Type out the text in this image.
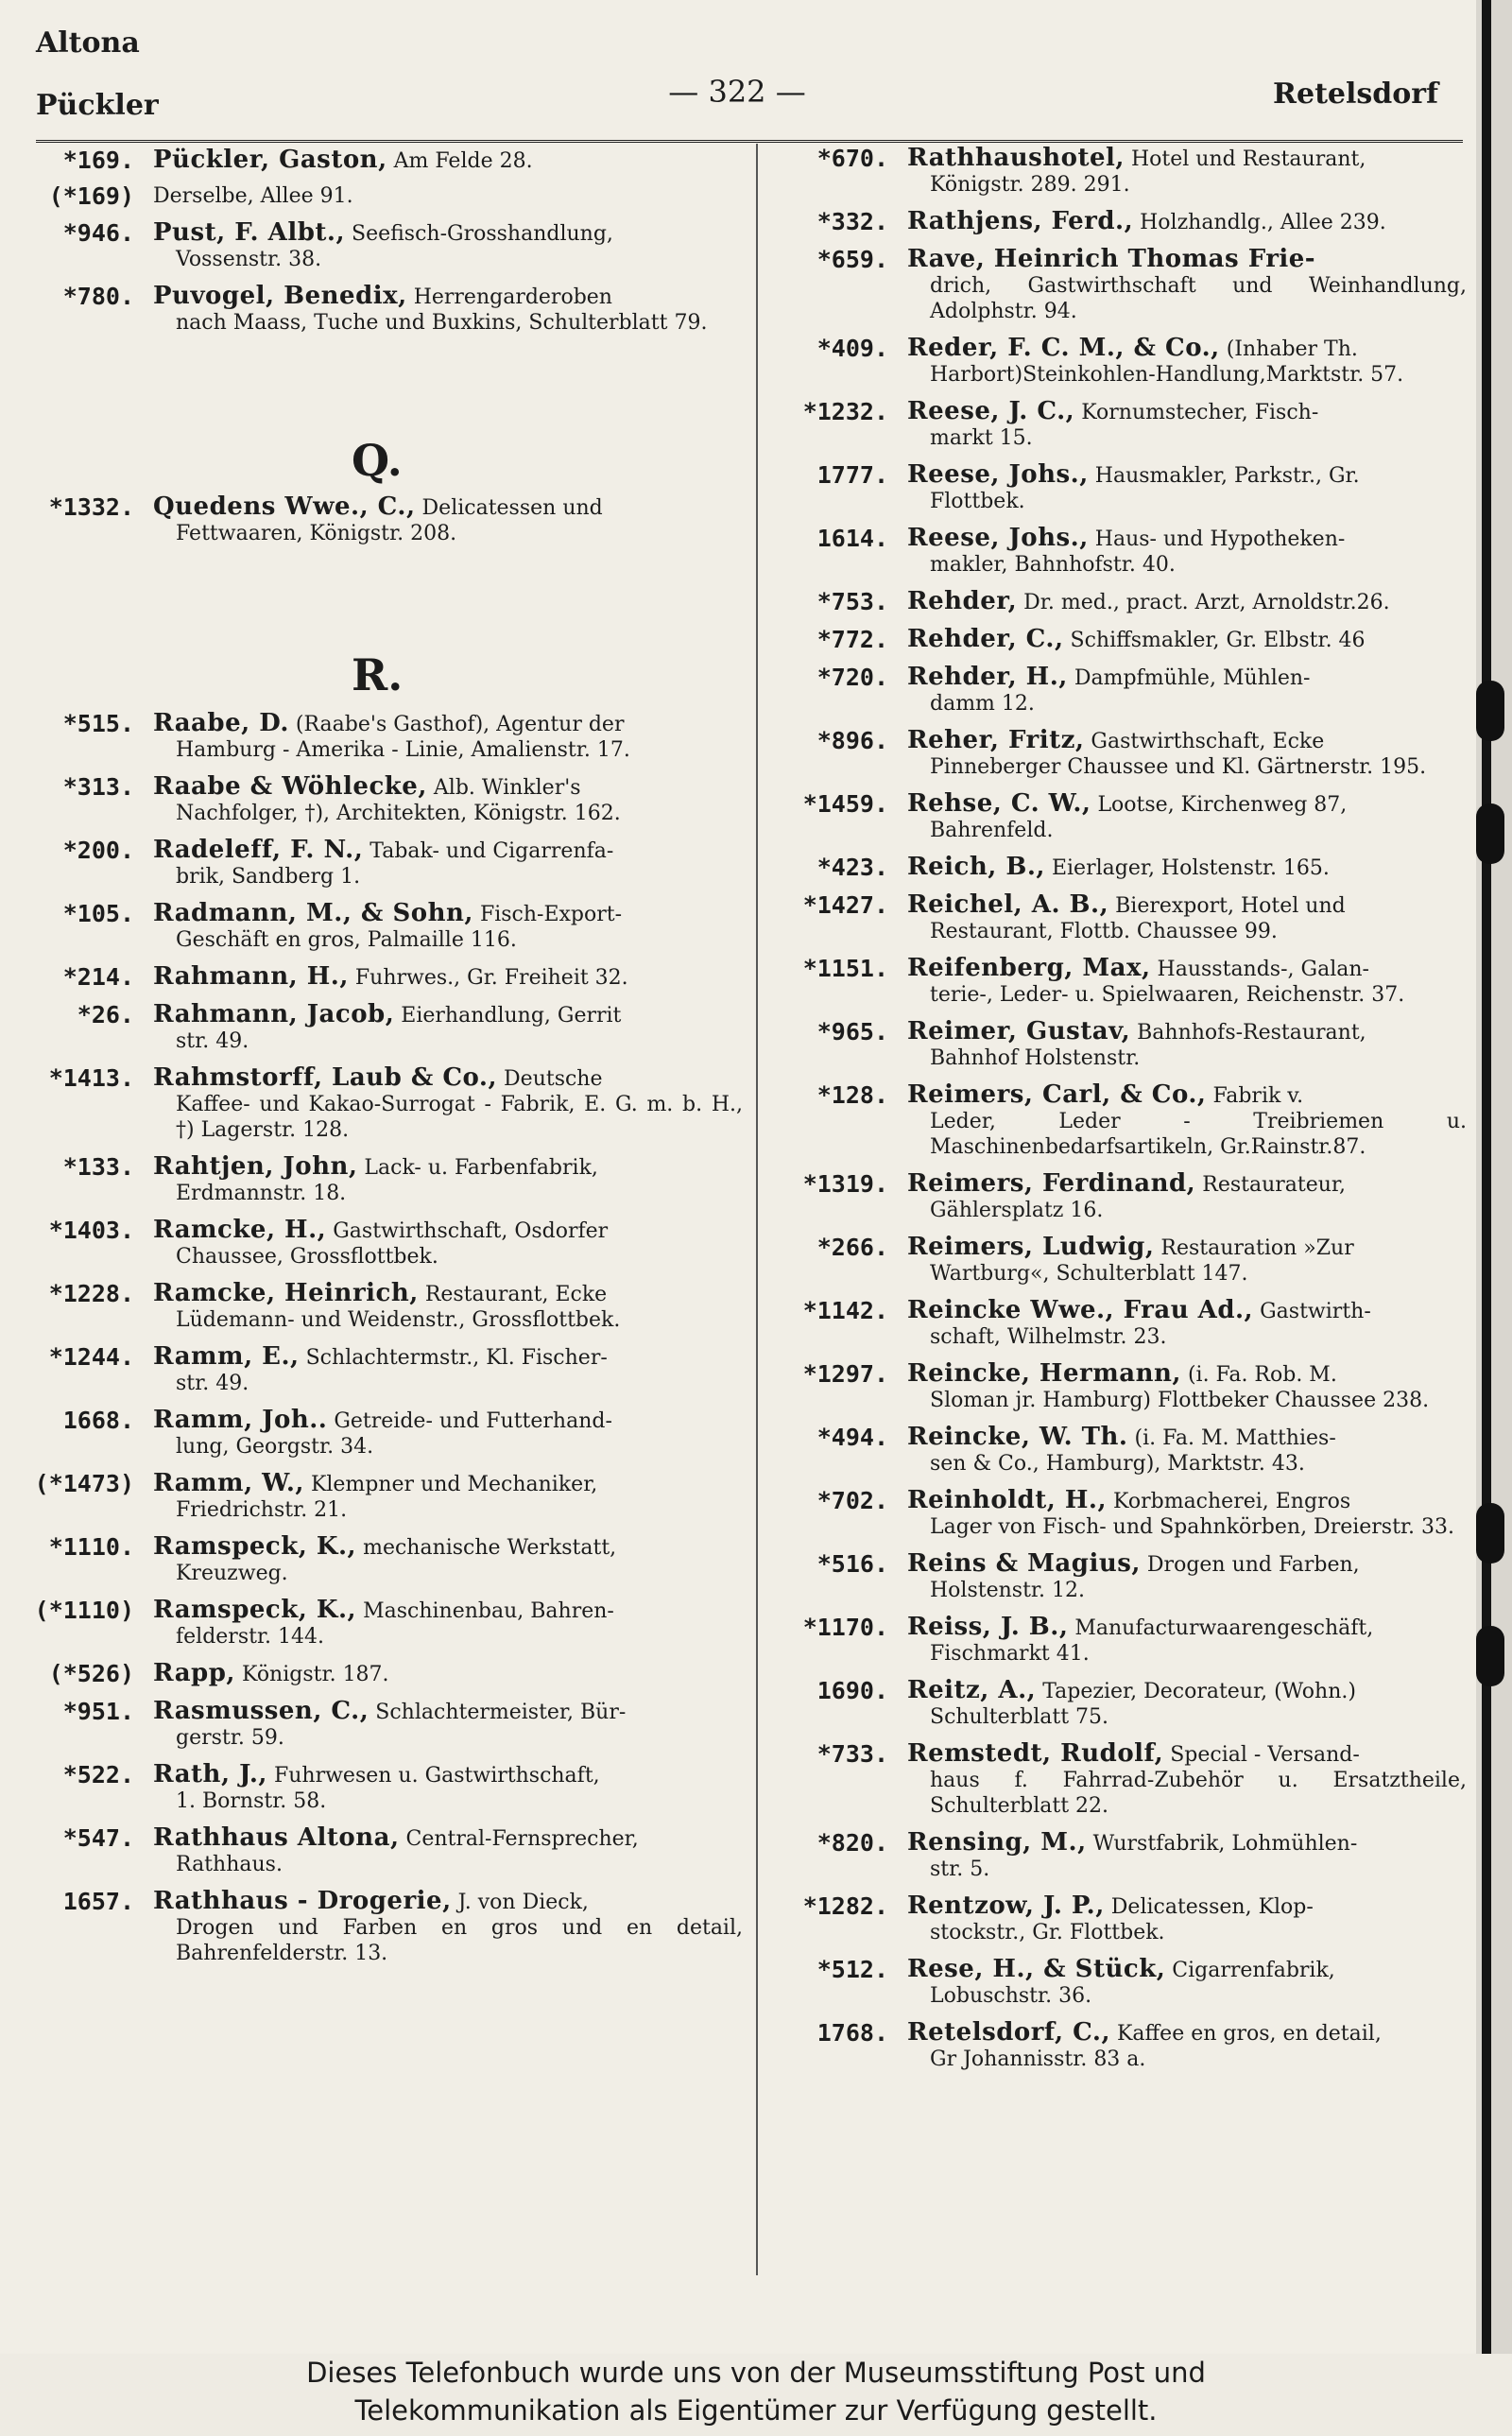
Altona
Pückler	— 322 —	Retelsdorf
*169. Pückler, Gaston, Am Felde 28.
(*169) Derselbe, Allee 91.
*946. Pust, F. Albt., Seefisch-Grosshandlung,
Vossenstr. 38.
*780. Puvogel, Benedix, Herrengarderoben
nach Maass, Tuche und Buxkins, Schulterblatt 79.
Q.
*1332. Quedens Wwe., C., Delicatessen und
Fettwaaren, Königstr. 208.
R.
*515. Raabe, D. (Raabe's Gasthof), Agentur der
Hamburg - Amerika - Linie, Amalienstr. 17.
*313. Raabe & Wöhlecke, Alb. Winkler's
Nachfolger, †), Architekten, Königstr. 162.
*200. Radeleff, F. N., Tabak- und Cigarrenfa-
brik, Sandberg 1.
*105. Radmann, M., & Sohn, Fisch-Export-
Geschäft en gros, Palmaille 116.
*214. Rahmann, H., Fuhrwes., Gr. Freiheit 32.
*26. Rahmann, Jacob, Eierhandlung, Gerrit
str. 49.
*1413. Rahmstorff, Laub & Co., Deutsche
Kaffee- und Kakao-Surrogat - Fabrik, E. G. m. b. H., †) Lagerstr. 128.
*133. Rahtjen, John, Lack- u. Farbenfabrik,
Erdmannstr. 18.
*1403. Ramcke, H., Gastwirthschaft, Osdorfer
Chaussee, Grossflottbek.
*1228. Ramcke, Heinrich, Restaurant, Ecke
Lüdemann- und Weidenstr., Grossflottbek.
*1244. Ramm, E., Schlachtermstr., Kl. Fischer-
str. 49.
1668. Ramm, Joh.. Getreide- und Futterhand-
lung, Georgstr. 34.
(*1473) Ramm, W., Klempner und Mechaniker,
Friedrichstr. 21.
*1110. Ramspeck, K., mechanische Werkstatt,
Kreuzweg.
(*1110) Ramspeck, K., Maschinenbau, Bahren-
felderstr. 144.
(*526) Rapp, Königstr. 187.
*951. Rasmussen, C., Schlachtermeister, Bür-
gerstr. 59.
*522. Rath, J., Fuhrwesen u. Gastwirthschaft,
1. Bornstr. 58.
*547. Rathhaus Altona, Central-Fernsprecher,
Rathhaus.
1657. Rathhaus - Drogerie, J. von Dieck,
Drogen und Farben en gros und en detail, Bahrenfelderstr. 13.
*670. Rathhaushotel, Hotel und Restaurant,
Königstr. 289. 291.
*332. Rathjens, Ferd., Holzhandlg., Allee 239.
*659. Rave, Heinrich Thomas Frie-
drich, Gastwirthschaft und Weinhandlung, Adolphstr. 94.
*409. Reder, F. C. M., & Co., (Inhaber Th.
Harbort)Steinkohlen-Handlung,Marktstr. 57.
*1232. Reese, J. C., Kornumstecher, Fisch-
markt 15.
1777. Reese, Johs., Hausmakler, Parkstr., Gr.
Flottbek.
1614. Reese, Johs., Haus- und Hypotheken-
makler, Bahnhofstr. 40.
*753. Rehder, Dr. med., pract. Arzt, Arnoldstr.26.
*772. Rehder, C., Schiffsmakler, Gr. Elbstr. 46
*720. Rehder, H., Dampfmühle, Mühlen-
damm 12.
*896. Reher, Fritz, Gastwirthschaft, Ecke
Pinneberger Chaussee und Kl. Gärtnerstr. 195.
*1459. Rehse, C. W., Lootse, Kirchenweg 87,
Bahrenfeld.
*423. Reich, B., Eierlager, Holstenstr. 165.
*1427. Reichel, A. B., Bierexport, Hotel und
Restaurant, Flottb. Chaussee 99.
*1151. Reifenberg, Max, Hausstands-, Galan-
terie-, Leder- u. Spielwaaren, Reichenstr. 37.
*965. Reimer, Gustav, Bahnhofs-Restaurant,
Bahnhof Holstenstr.
*128. Reimers, Carl, & Co., Fabrik v.
Leder, Leder - Treibriemen u. Maschinenbedarfsartikeln, Gr.Rainstr.87.
*1319. Reimers, Ferdinand, Restaurateur,
Gählersplatz 16.
*266. Reimers, Ludwig, Restauration »Zur
Wartburg«, Schulterblatt 147.
*1142. Reincke Wwe., Frau Ad., Gastwirth-
schaft, Wilhelmstr. 23.
*1297. Reincke, Hermann, (i. Fa. Rob. M.
Sloman jr. Hamburg) Flottbeker Chaussee 238.
*494. Reincke, W. Th. (i. Fa. M. Matthies-
sen & Co., Hamburg), Marktstr. 43.
*702. Reinholdt, H., Korbmacherei, Engros
Lager von Fisch- und Spahnkörben, Dreierstr. 33.
*516. Reins & Magius, Drogen und Farben,
Holstenstr. 12.
*1170. Reiss, J. B., Manufacturwaarengeschäft,
Fischmarkt 41.
1690. Reitz, A., Tapezier, Decorateur, (Wohn.)
Schulterblatt 75.
*733. Remstedt, Rudolf, Special - Versand-
haus f. Fahrrad-Zubehör u. Ersatztheile, Schulterblatt 22.
*820. Rensing, M., Wurstfabrik, Lohmühlen-
str. 5.
*1282. Rentzow, J. P., Delicatessen, Klop-
stockstr., Gr. Flottbek.
*512. Rese, H., & Stück, Cigarrenfabrik,
Lobuschstr. 36.
1768. Retelsdorf, C., Kaffee en gros, en detail,
Gr Johannisstr. 83 a.
Dieses Telefonbuch wurde uns von der Museumsstiftung Post und
Telekommunikation als Eigentümer zur Verfügung gestellt.
